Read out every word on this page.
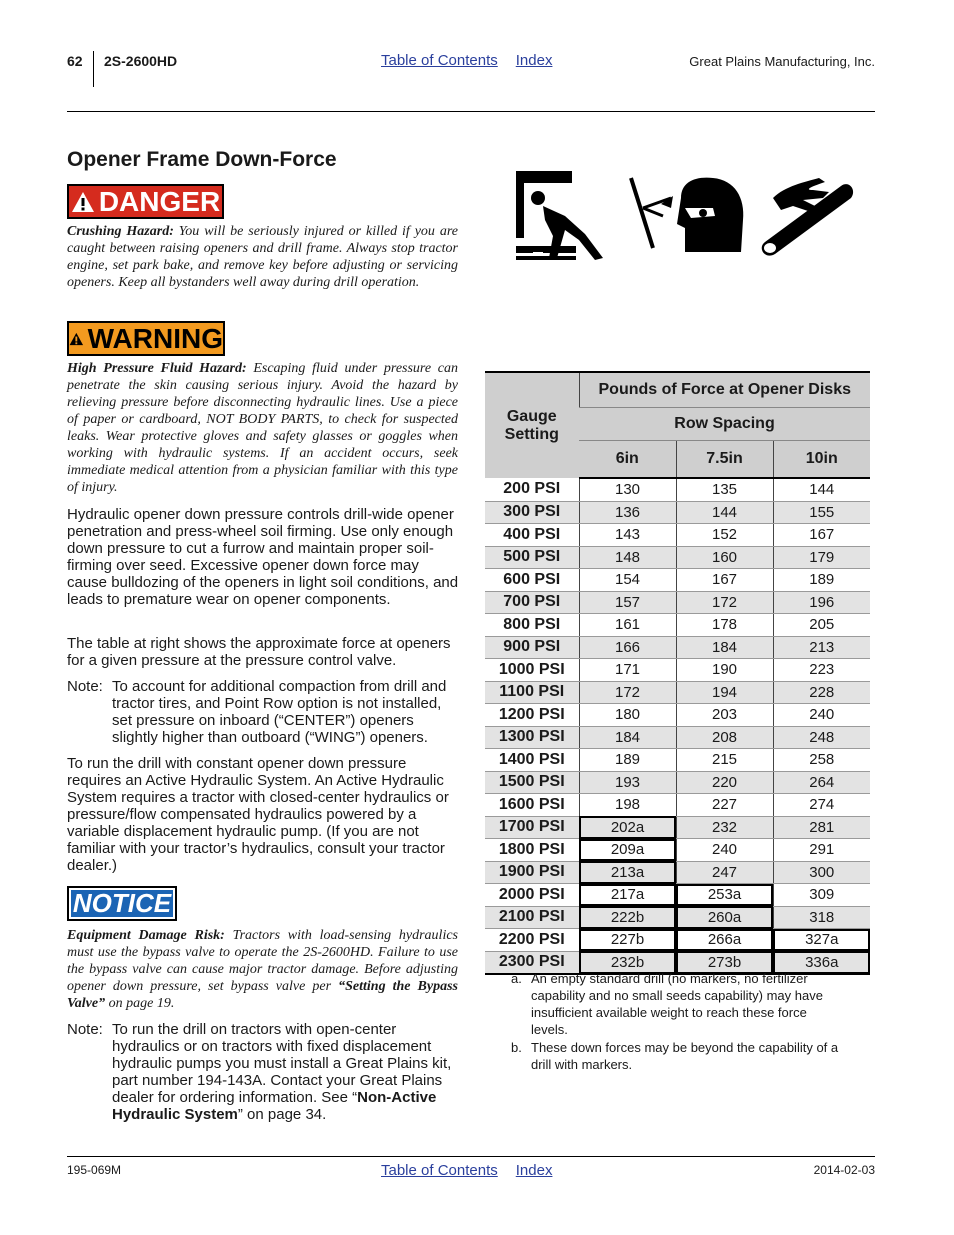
62 2S-2600HD	Table of Contents Index	Great Plains Manufacturing, Inc.
Opener Frame Down-Force
DANGER
Crushing Hazard: You will be seriously injured or killed if you are caught between raising openers and drill frame. Always stop tractor engine, set park bake, and remove key before adjusting or servicing openers. Keep all bystanders well away during drill operation.
WARNING
High Pressure Fluid Hazard: Escaping fluid under pressure can penetrate the skin causing serious injury. Avoid the hazard by relieving pressure before disconnecting hydraulic lines. Use a piece of paper or cardboard, NOT BODY PARTS, to check for suspected leaks. Wear protective gloves and safety glasses or goggles when working with hydraulic systems. If an accident occurs, seek immediate medical attention from a physician familiar with this type of injury.
Hydraulic opener down pressure controls drill-wide opener penetration and press-wheel soil firming. Use only enough down pressure to cut a furrow and maintain proper soil-firming over seed. Excessive opener down force may cause bulldozing of the openers in light soil conditions, and leads to premature wear on opener components.
The table at right shows the approximate force at openers for a given pressure at the pressure control valve.
Note: To account for additional compaction from drill and tractor tires, and Point Row option is not installed, set pressure on inboard (“CENTER”) openers slightly higher than outboard (“WING”) openers.
To run the drill with constant opener down pressure requires an Active Hydraulic System. An Active Hydraulic System requires a tractor with closed-center hydraulics or pressure/flow compensated hydraulics powered by a variable displacement hydraulic pump. (If you are not familiar with your tractor’s hydraulics, consult your tractor dealer.)
NOTICE
Equipment Damage Risk: Tractors with load-sensing hydraulics must use the bypass valve to operate the 2S-2600HD. Failure to use the bypass valve can cause major tractor damage. Before adjusting opener down pressure, set bypass valve per “Setting the Bypass Valve” on page 19.
Note: To run the drill on tractors with open-center hydraulics or on tractors with fixed displacement hydraulic pumps you must install a Great Plains kit, part number 194-143A. Contact your Great Plains dealer for ordering information. See “Non-Active Hydraulic System” on page 34.
Gauge Setting	Pounds of Force at Opener Disks		
	Row Spacing		
	6in	7.5in	10in
200 PSI	130	135	144
300 PSI	136	144	155
400 PSI	143	152	167
500 PSI	148	160	179
600 PSI	154	167	189
700 PSI	157	172	196
800 PSI	161	178	205
900 PSI	166	184	213
1000 PSI	171	190	223
1100 PSI	172	194	228
1200 PSI	180	203	240
1300 PSI	184	208	248
1400 PSI	189	215	258
1500 PSI	193	220	264
1600 PSI	198	227	274
1700 PSI	202a	232	281
1800 PSI	209a	240	291
1900 PSI	213a	247	300
2000 PSI	217a	253a	309
2100 PSI	222b	260a	318
2200 PSI	227b	266a	327a
2300 PSI	232b	273b	336a
a. An empty standard drill (no markers, no fertilizer capability and no small seeds capability) may have insufficient available weight to reach these force levels.
b. These down forces may be beyond the capability of a drill with markers.
195-069M	Table of Contents Index	2014-02-03
